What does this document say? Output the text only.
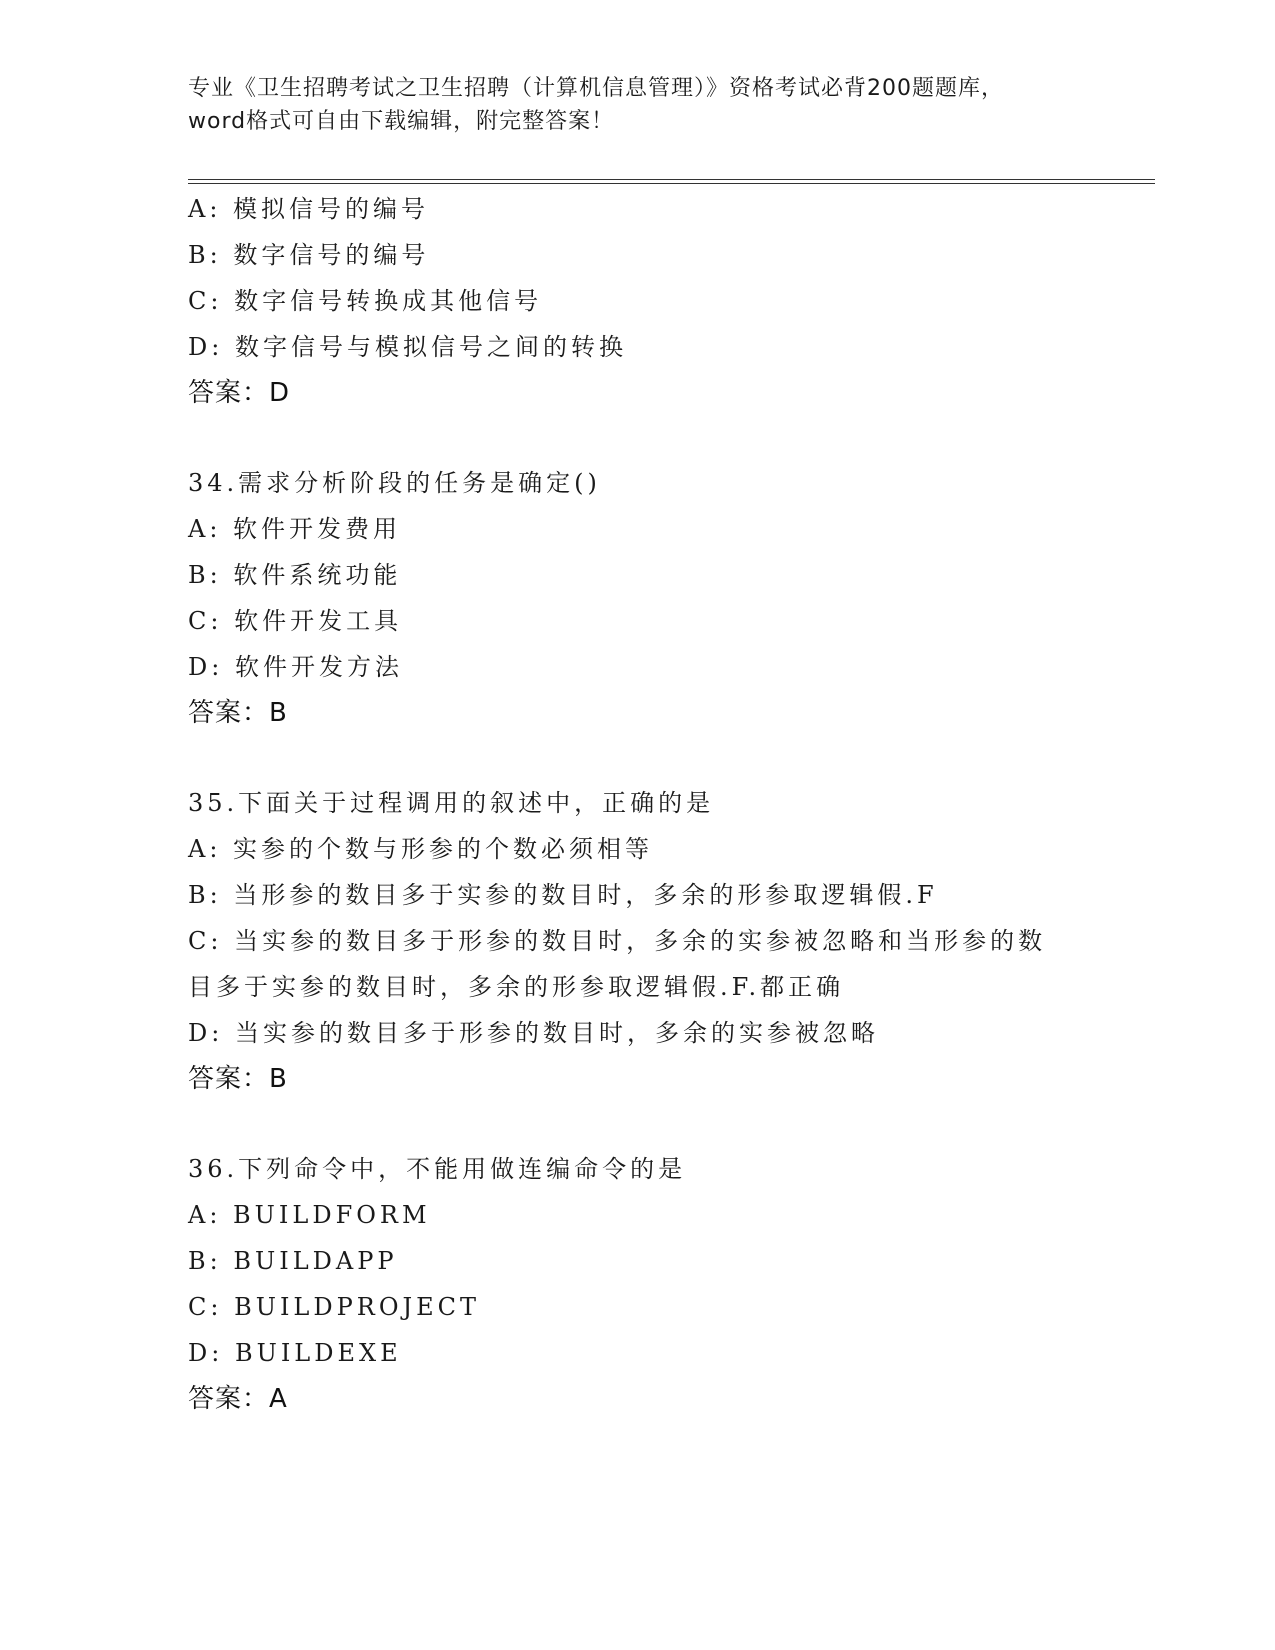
专业《卫生招聘考试之卫生招聘（计算机信息管理）》资格考试必背200题题库，
word格式可自由下载编辑，附完整答案！
A: 模拟信号的编号
B: 数字信号的编号
C: 数字信号转换成其他信号
D: 数字信号与模拟信号之间的转换
答案：D
34.需求分析阶段的任务是确定()
A: 软件开发费用
B: 软件系统功能
C: 软件开发工具
D: 软件开发方法
答案：B
35.下面关于过程调用的叙述中，正确的是
A: 实参的个数与形参的个数必须相等
B: 当形参的数目多于实参的数目时，多余的形参取逻辑假.F
C: 当实参的数目多于形参的数目时，多余的实参被忽略和当形参的数
目多于实参的数目时，多余的形参取逻辑假.F.都正确
D: 当实参的数目多于形参的数目时，多余的实参被忽略
答案：B
36.下列命令中，不能用做连编命令的是
A: BUILDFORM
B: BUILDAPP
C: BUILDPROJECT
D: BUILDEXE
答案：A
